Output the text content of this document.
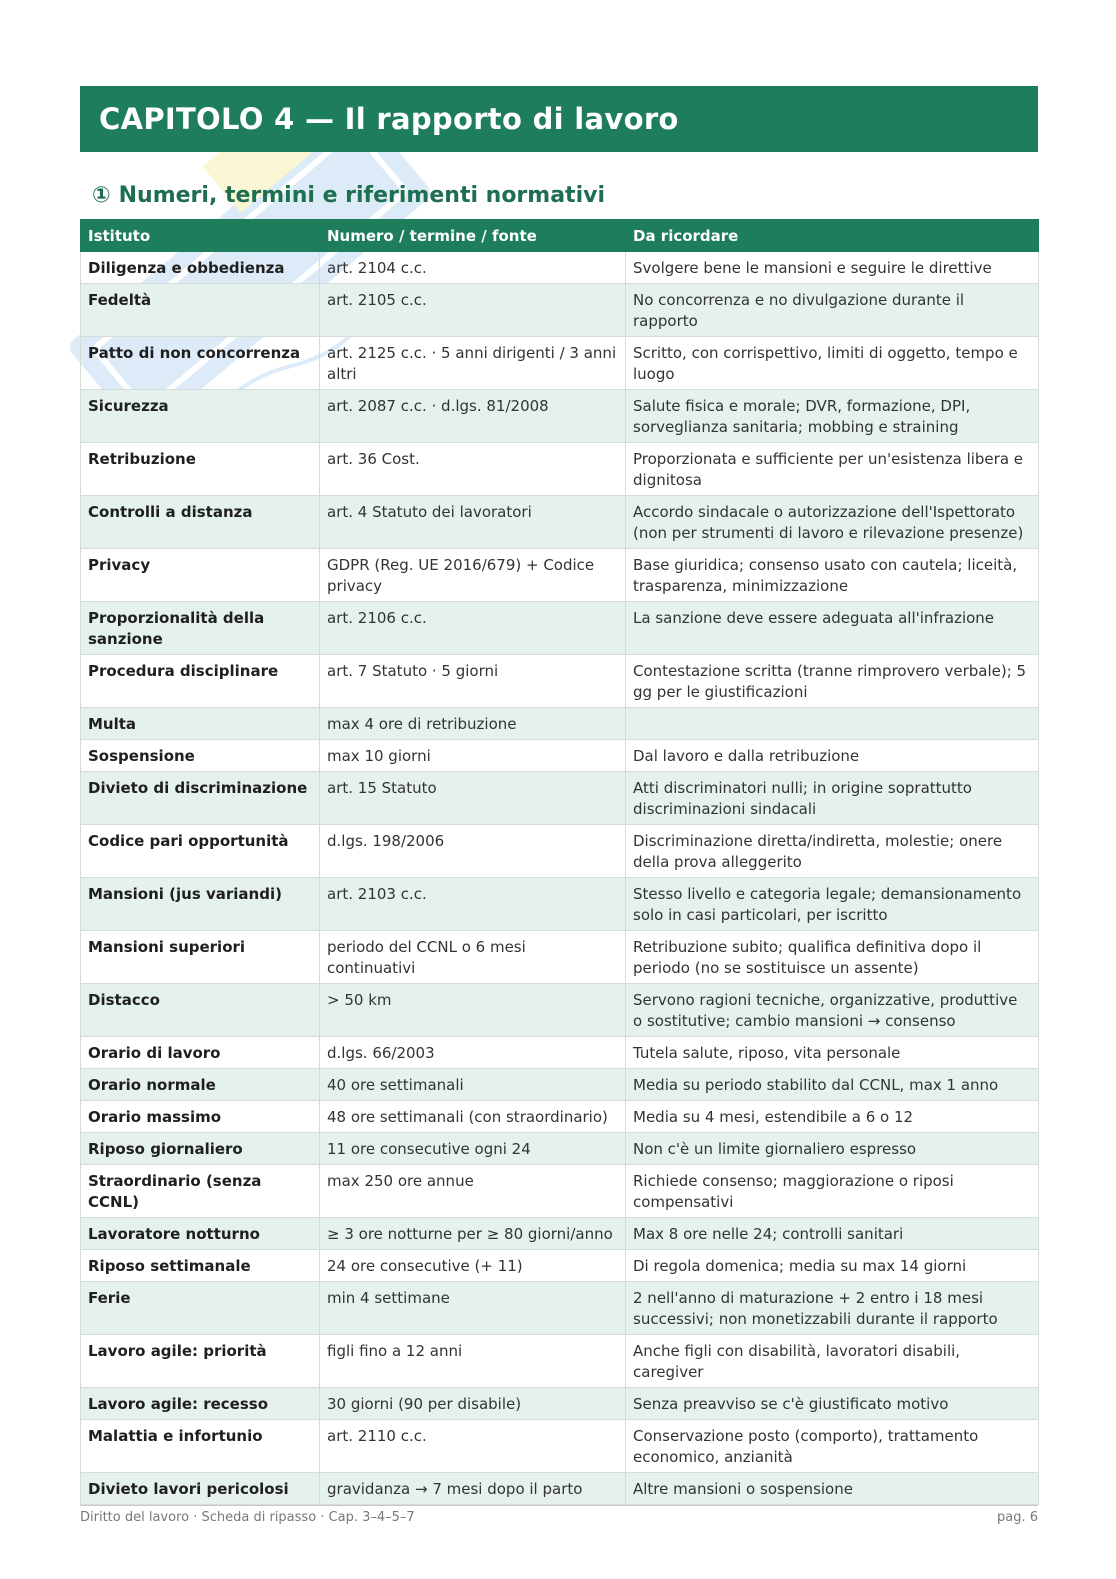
CAPITOLO 4 — Il rapporto di lavoro
① Numeri, termini e riferimenti normativi
Istituto	Numero / termine / fonte	Da ricordare
Diligenza e obbedienza	art. 2104 c.c.	Svolgere bene le mansioni e seguire le direttive
Fedeltà	art. 2105 c.c.	No concorrenza e no divulgazione durante il rapporto
Patto di non concorrenza	art. 2125 c.c. · 5 anni dirigenti / 3 anni altri	Scritto, con corrispettivo, limiti di oggetto, tempo e luogo
Sicurezza	art. 2087 c.c. · d.lgs. 81/2008	Salute fisica e morale; DVR, formazione, DPI, sorveglianza sanitaria; mobbing e straining
Retribuzione	art. 36 Cost.	Proporzionata e sufficiente per un'esistenza libera e dignitosa
Controlli a distanza	art. 4 Statuto dei lavoratori	Accordo sindacale o autorizzazione dell'Ispettorato (non per strumenti di lavoro e rilevazione presenze)
Privacy	GDPR (Reg. UE 2016/679) + Codice privacy	Base giuridica; consenso usato con cautela; liceità, trasparenza, minimizzazione
Proporzionalità della sanzione	art. 2106 c.c.	La sanzione deve essere adeguata all'infrazione
Procedura disciplinare	art. 7 Statuto · 5 giorni	Contestazione scritta (tranne rimprovero verbale); 5 gg per le giustificazioni
Multa	max 4 ore di retribuzione	
Sospensione	max 10 giorni	Dal lavoro e dalla retribuzione
Divieto di discriminazione	art. 15 Statuto	Atti discriminatori nulli; in origine soprattutto discriminazioni sindacali
Codice pari opportunità	d.lgs. 198/2006	Discriminazione diretta/indiretta, molestie; onere della prova alleggerito
Mansioni (jus variandi)	art. 2103 c.c.	Stesso livello e categoria legale; demansionamento solo in casi particolari, per iscritto
Mansioni superiori	periodo del CCNL o 6 mesi continuativi	Retribuzione subito; qualifica definitiva dopo il periodo (no se sostituisce un assente)
Distacco	> 50 km	Servono ragioni tecniche, organizzative, produttive o sostitutive; cambio mansioni → consenso
Orario di lavoro	d.lgs. 66/2003	Tutela salute, riposo, vita personale
Orario normale	40 ore settimanali	Media su periodo stabilito dal CCNL, max 1 anno
Orario massimo	48 ore settimanali (con straordinario)	Media su 4 mesi, estendibile a 6 o 12
Riposo giornaliero	11 ore consecutive ogni 24	Non c'è un limite giornaliero espresso
Straordinario (senza CCNL)	max 250 ore annue	Richiede consenso; maggiorazione o riposi compensativi
Lavoratore notturno	≥ 3 ore notturne per ≥ 80 giorni/anno	Max 8 ore nelle 24; controlli sanitari
Riposo settimanale	24 ore consecutive (+ 11)	Di regola domenica; media su max 14 giorni
Ferie	min 4 settimane	2 nell'anno di maturazione + 2 entro i 18 mesi successivi; non monetizzabili durante il rapporto
Lavoro agile: priorità	figli fino a 12 anni	Anche figli con disabilità, lavoratori disabili, caregiver
Lavoro agile: recesso	30 giorni (90 per disabile)	Senza preavviso se c'è giustificato motivo
Malattia e infortunio	art. 2110 c.c.	Conservazione posto (comporto), trattamento economico, anzianità
Divieto lavori pericolosi	gravidanza → 7 mesi dopo il parto	Altre mansioni o sospensione
Diritto del lavoro · Scheda di ripasso · Cap. 3–4–5–7	pag. 6
